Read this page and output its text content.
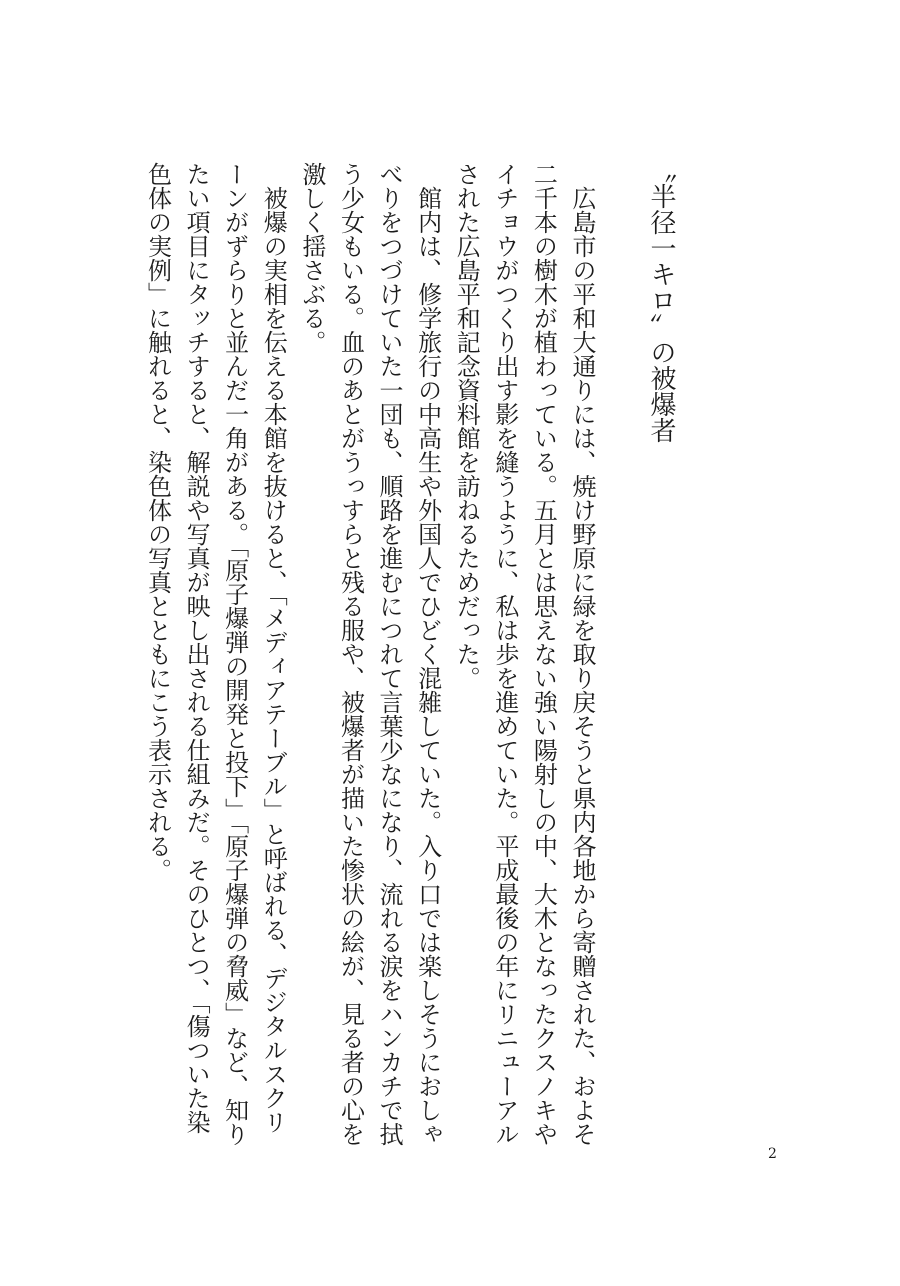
〝半径一キロ〟の被爆者
広島市の平和大通りには、焼け野原に緑を取り戻そうと県内各地から寄贈された、およそ
二千本の樹木が植わっている。五月とは思えない強い陽射しの中、大木となったクスノキや
イチョウがつくり出す影を縫うように、私は歩を進めていた。平成最後の年にリニューアル
された広島平和記念資料館を訪ねるためだった。
館内は、修学旅行の中高生や外国人でひどく混雑していた。入り口では楽しそうにおしゃ
べりをつづけていた一団も、順路を進むにつれて言葉少なになり、流れる涙をハンカチで拭
う少女もいる。血のあとがうっすらと残る服や、被爆者が描いた惨状の絵が、見る者の心を
激しく揺さぶる。
被爆の実相を伝える本館を抜けると、「メディアテーブル」と呼ばれる、デジタルスクリ
ーンがずらりと並んだ一角がある。「原子爆弾の開発と投下」「原子爆弾の脅威」など、知り
たい項目にタッチすると、解説や写真が映し出される仕組みだ。そのひとつ、「傷ついた染
色体の実例」に触れると、染色体の写真とともにこう表示される。
2
